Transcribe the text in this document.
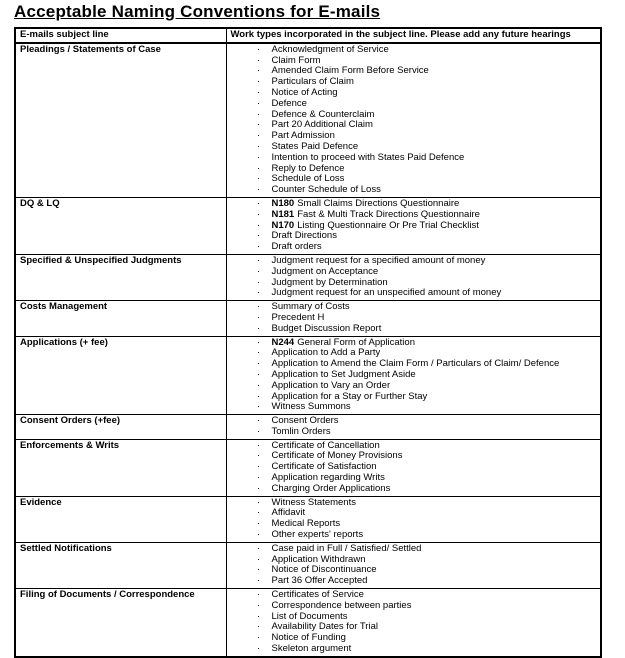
Acceptable Naming Conventions for E-mails
E-mails subject line	Work types incorporated in the subject line. Please add any future hearings
Pleadings / Statements of Case	·	Acknowledgment of Service
·	Claim Form
·	Amended Claim Form Before Service
·	Particulars of Claim
·	Notice of Acting
·	Defence
·	Defence & Counterclaim
·	Part 20 Additional Claim
·	Part Admission
·	States Paid Defence
·	Intention to proceed with States Paid Defence
·	Reply to Defence
·	Schedule of Loss
·	Counter Schedule of Loss

DQ & LQ	·	N180 Small Claims Directions Questionnaire
·	N181 Fast & Multi Track Directions Questionnaire
·	N170 Listing Questionnaire Or Pre Trial Checklist
·	Draft Directions
·	Draft orders

Specified & Unspecified Judgments	·	Judgment request for a specified amount of money
·	Judgment on Acceptance
·	Judgment by Determination
·	Judgment request for an unspecified amount of money

Costs Management	·	Summary of Costs
·	Precedent H
·	Budget Discussion Report

Applications (+ fee)	·	N244 General Form of Application
·	Application to Add a Party
·	Application to Amend the Claim Form / Particulars of Claim/ Defence
·	Application to Set Judgment Aside
·	Application to Vary an Order
·	Application for a Stay or Further Stay
·	Witness Summons

Consent Orders (+fee)	· Consent Orders
· Tomlin Orders

Enforcements & Writs	·	Certificate of Cancellation
·	Certificate of Money Provisions
·	Certificate of Satisfaction
·	Application regarding Writs
·	Charging Order Applications

Evidence	·	Witness Statements
·	Affidavit
·	Medical Reports
·	Other experts' reports

Settled Notifications	·	Case paid in Full / Satisfied/ Settled
·	Application Withdrawn
·	Notice of Discontinuance
·	Part 36 Offer Accepted

Filing of Documents / Correspondence	·	Certificates of Service
·	Correspondence between parties
·	List of Documents
·	Availability Dates for Trial
·	Notice of Funding
·	Skeleton argument
